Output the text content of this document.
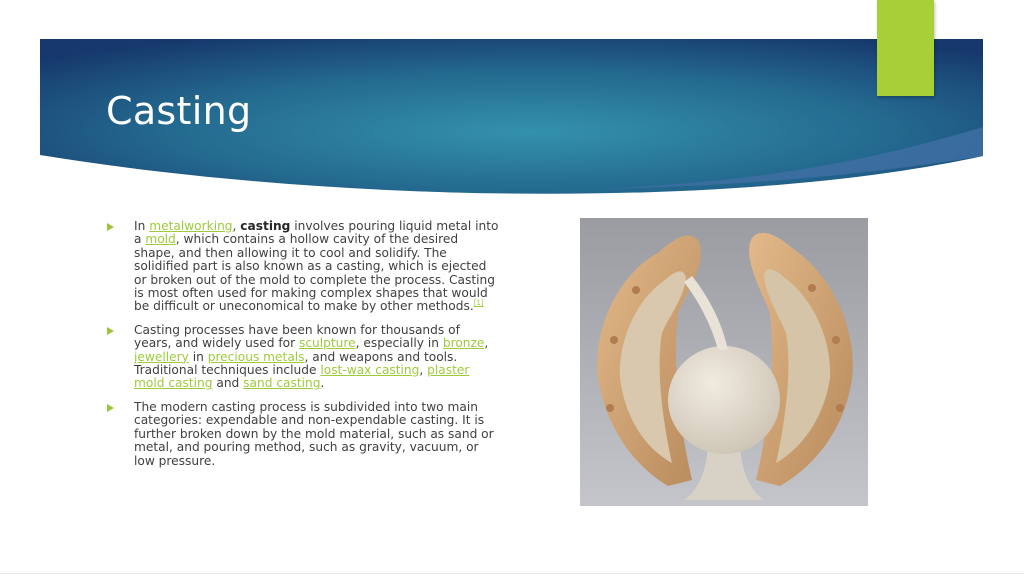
Casting
In metalworking, casting involves pouring liquid metal into a mold, which contains a hollow cavity of the desired shape, and then allowing it to cool and solidify. The solidified part is also known as a casting, which is ejected or broken out of the mold to complete the process. Casting is most often used for making complex shapes that would be difficult or uneconomical to make by other methods.[1]
Casting processes have been known for thousands of years, and widely used for sculpture, especially in bronze, jewellery in precious metals, and weapons and tools. Traditional techniques include lost-wax casting, plaster mold casting and sand casting.
The modern casting process is subdivided into two main categories: expendable and non-expendable casting. It is further broken down by the mold material, such as sand or metal, and pouring method, such as gravity, vacuum, or low pressure.
